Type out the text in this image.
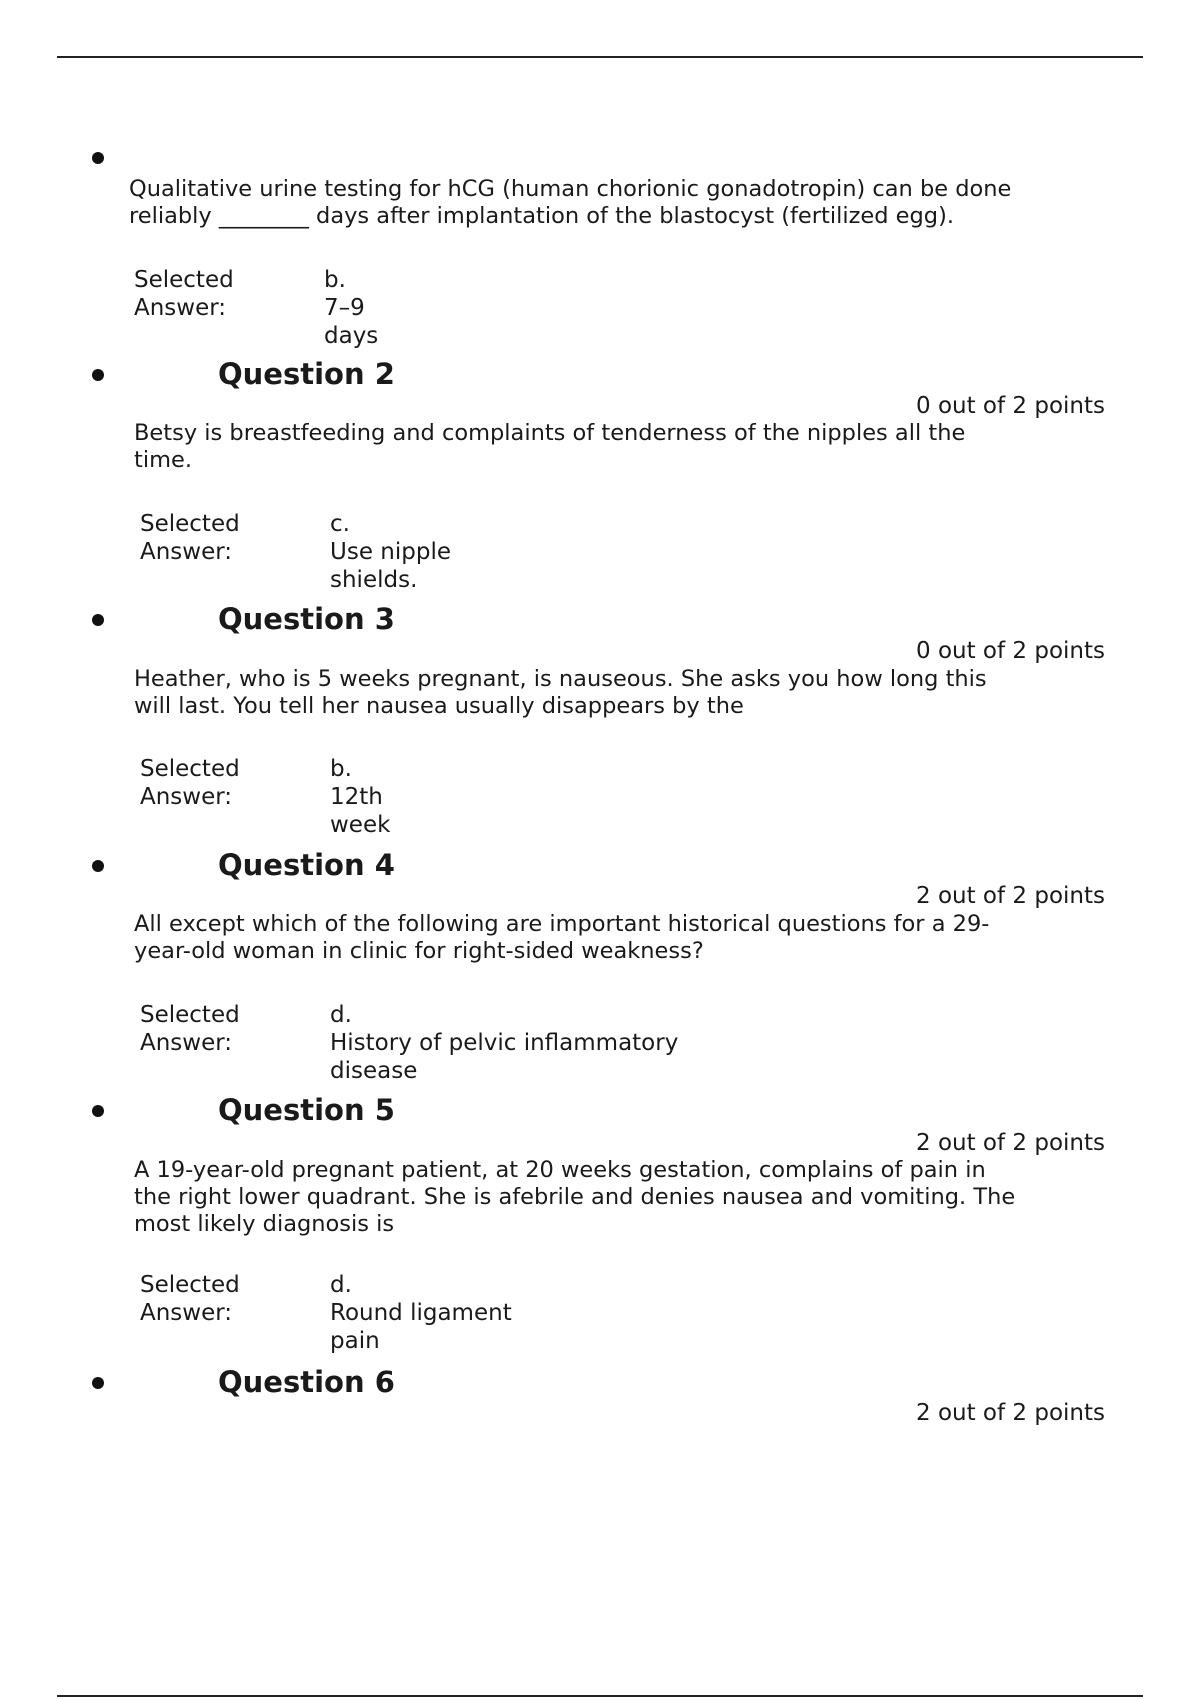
Qualitative urine testing for hCG (human chorionic gonadotropin) can be done
reliably ________ days after implantation of the blastocyst (fertilized egg).
Selected
Answer:
b.
7–9
days
Question 2
0 out of 2 points
Betsy is breastfeeding and complaints of tenderness of the nipples all the
time.
Selected
Answer:
c.
Use nipple
shields.
Question 3
0 out of 2 points
Heather, who is 5 weeks pregnant, is nauseous. She asks you how long this
will last. You tell her nausea usually disappears by the
Selected
Answer:
b.
12th
week
Question 4
2 out of 2 points
All except which of the following are important historical questions for a 29-
year-old woman in clinic for right-sided weakness?
Selected
Answer:
d.
History of pelvic inflammatory
disease
Question 5
2 out of 2 points
A 19-year-old pregnant patient, at 20 weeks gestation, complains of pain in
the right lower quadrant. She is afebrile and denies nausea and vomiting. The
most likely diagnosis is
Selected
Answer:
d.
Round ligament
pain
Question 6
2 out of 2 points
